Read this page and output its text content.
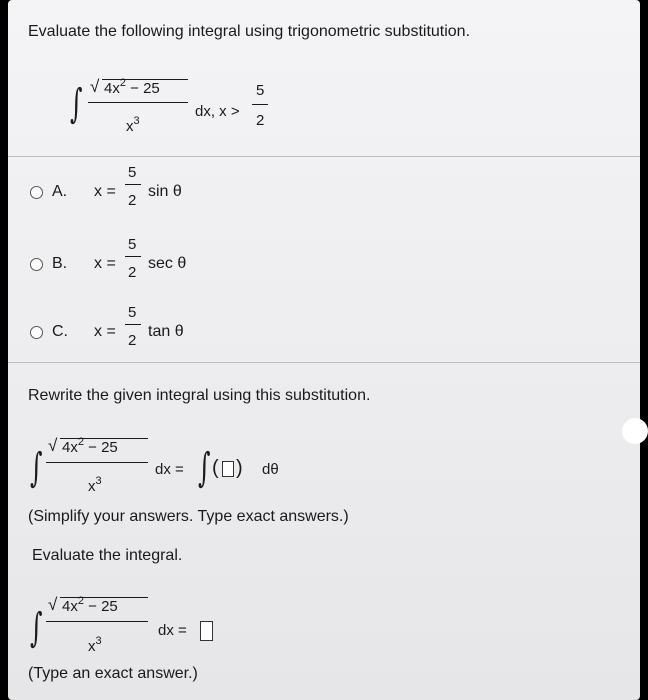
Evaluate the following integral using trigonometric substitution.
∫ √ $4x^2 - 25$
$x^3$
dx, x >
5
2
A. x =
5
2
sin θ
B. x =
5
2
sec θ
C. x =
5
2
tan θ
Rewrite the given integral using this substitution.
∫ √ $4x^2 - 25$
$x^3$
dx = ∫ ( ) dθ
(Simplify your answers. Type exact answers.)
Evaluate the integral.
∫
√ $4x^2 - 25$
$x^3$
dx =
(Type an exact answer.)
